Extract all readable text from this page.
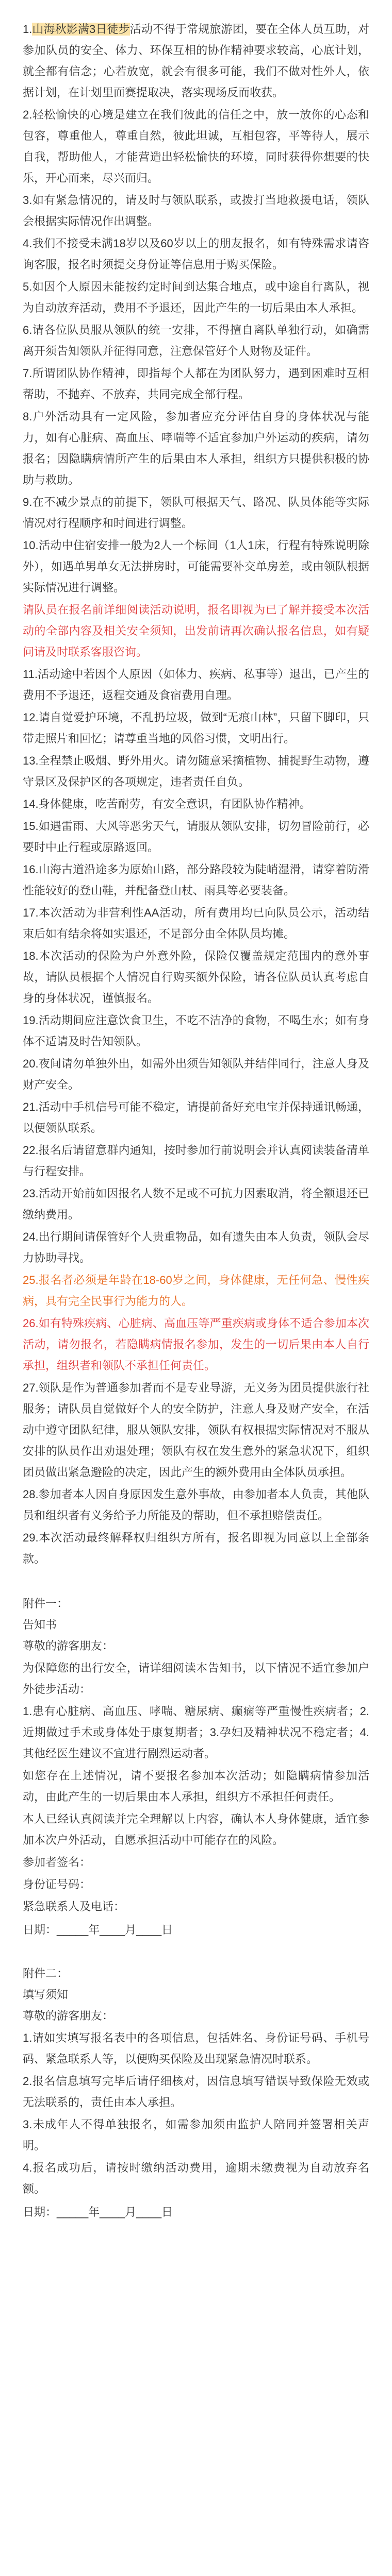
1.山海秋影满3日徒步活动不得于常规旅游团，要在全体人员互助，对参加队员的安全、体力、环保互相的协作精神要求较高，心底计划，就全都有信念；心若放宽，就会有很多可能，我们不做对性外人，依据计划，在计划里面赛提取决，落实现场反而收获。

2.轻松愉快的心境是建立在我们彼此的信任之中，放一放你的心态和包容，尊重他人，尊重自然，彼此坦诚，互相包容，平等待人，展示自我，帮助他人，才能营造出轻松愉快的环境，同时获得你想要的快乐，开心而来，尽兴而归。

3.如有紧急情况的，请及时与领队联系，或拨打当地救援电话，领队会根据实际情况作出调整。

4.我们不接受未满18岁以及60岁以上的朋友报名，如有特殊需求请咨询客服，报名时须提交身份证等信息用于购买保险。

5.如因个人原因未能按约定时间到达集合地点，或中途自行离队，视为自动放弃活动，费用不予退还，因此产生的一切后果由本人承担。

6.请各位队员服从领队的统一安排，不得擅自离队单独行动，如确需离开须告知领队并征得同意，注意保管好个人财物及证件。

7.所谓团队协作精神，即指每个人都在为团队努力，遇到困难时互相帮助，不抛弃、不放弃，共同完成全部行程。

8.户外活动具有一定风险，参加者应充分评估自身的身体状况与能力，如有心脏病、高血压、哮喘等不适宜参加户外运动的疾病，请勿报名；因隐瞒病情所产生的后果由本人承担，组织方只提供积极的协助与救助。

9.在不减少景点的前提下，领队可根据天气、路况、队员体能等实际情况对行程顺序和时间进行调整。

10.活动中住宿安排一般为2人一个标间（1人1床，行程有特殊说明除外），如遇单男单女无法拼房时，可能需要补交单房差，或由领队根据实际情况进行调整。

请队员在报名前详细阅读活动说明，报名即视为已了解并接受本次活动的全部内容及相关安全须知，出发前请再次确认报名信息，如有疑问请及时联系客服咨询。

11.活动途中若因个人原因（如体力、疾病、私事等）退出，已产生的费用不予退还，返程交通及食宿费用自理。

12.请自觉爱护环境，不乱扔垃圾，做到“无痕山林”，只留下脚印，只带走照片和回忆；请尊重当地的风俗习惯，文明出行。

13.全程禁止吸烟、野外用火。请勿随意采摘植物、捕捉野生动物，遵守景区及保护区的各项规定，违者责任自负。

14.身体健康，吃苦耐劳，有安全意识，有团队协作精神。

15.如遇雷雨、大风等恶劣天气，请服从领队安排，切勿冒险前行，必要时中止行程或原路返回。

16.山海古道沿途多为原始山路，部分路段较为陡峭湿滑，请穿着防滑性能较好的登山鞋，并配备登山杖、雨具等必要装备。

17.本次活动为非营利性AA活动，所有费用均已向队员公示，活动结束后如有结余将如实退还，不足部分由全体队员均摊。

18.本次活动的保险为户外意外险，保险仅覆盖规定范围内的意外事故，请队员根据个人情况自行购买额外保险，请各位队员认真考虑自身的身体状况，谨慎报名。

19.活动期间应注意饮食卫生，不吃不洁净的食物，不喝生水；如有身体不适请及时告知领队。

20.夜间请勿单独外出，如需外出须告知领队并结伴同行，注意人身及财产安全。

21.活动中手机信号可能不稳定，请提前备好充电宝并保持通讯畅通，以便领队联系。

22.报名后请留意群内通知，按时参加行前说明会并认真阅读装备清单与行程安排。

23.活动开始前如因报名人数不足或不可抗力因素取消，将全额退还已缴纳费用。

24.出行期间请保管好个人贵重物品，如有遗失由本人负责，领队会尽力协助寻找。

25.报名者必须是年龄在18-60岁之间，身体健康，无任何急、慢性疾病，具有完全民事行为能力的人。

26.如有特殊疾病、心脏病、高血压等严重疾病或身体不适合参加本次活动，请勿报名，若隐瞒病情报名参加，发生的一切后果由本人自行承担，组织者和领队不承担任何责任。

27.领队是作为普通参加者而不是专业导游，无义务为团员提供旅行社服务；请队员自觉做好个人的安全防护，注意人身及财产安全，在活动中遵守团队纪律，服从领队安排，领队有权根据实际情况对不服从安排的队员作出劝退处理；领队有权在发生意外的紧急状况下，组织团员做出紧急避险的决定，因此产生的额外费用由全体队员承担。

28.参加者本人因自身原因发生意外事故，由参加者本人负责，其他队员和组织者有义务给予力所能及的帮助，但不承担赔偿责任。

29.本次活动最终解释权归组织方所有，报名即视为同意以上全部条款。

附件一：

告知书

尊敬的游客朋友：

为保障您的出行安全，请详细阅读本告知书，以下情况不适宜参加户外徒步活动：

1.患有心脏病、高血压、哮喘、糖尿病、癫痫等严重慢性疾病者；2.近期做过手术或身体处于康复期者；3.孕妇及精神状况不稳定者；4.其他经医生建议不宜进行剧烈运动者。

如您存在上述情况，请不要报名参加本次活动；如隐瞒病情参加活动，由此产生的一切后果由本人承担，组织方不承担任何责任。

本人已经认真阅读并完全理解以上内容，确认本人身体健康，适宜参加本次户外活动，自愿承担活动中可能存在的风险。

参加者签名：

身份证号码：

紧急联系人及电话：

日期：_____年____月____日

附件二：

填写须知

尊敬的游客朋友：

1.请如实填写报名表中的各项信息，包括姓名、身份证号码、手机号码、紧急联系人等，以便购买保险及出现紧急情况时联系。

2.报名信息填写完毕后请仔细核对，因信息填写错误导致保险无效或无法联系的，责任由本人承担。

3.未成年人不得单独报名，如需参加须由监护人陪同并签署相关声明。

4.报名成功后，请按时缴纳活动费用，逾期未缴费视为自动放弃名额。

日期：_____年____月____日
